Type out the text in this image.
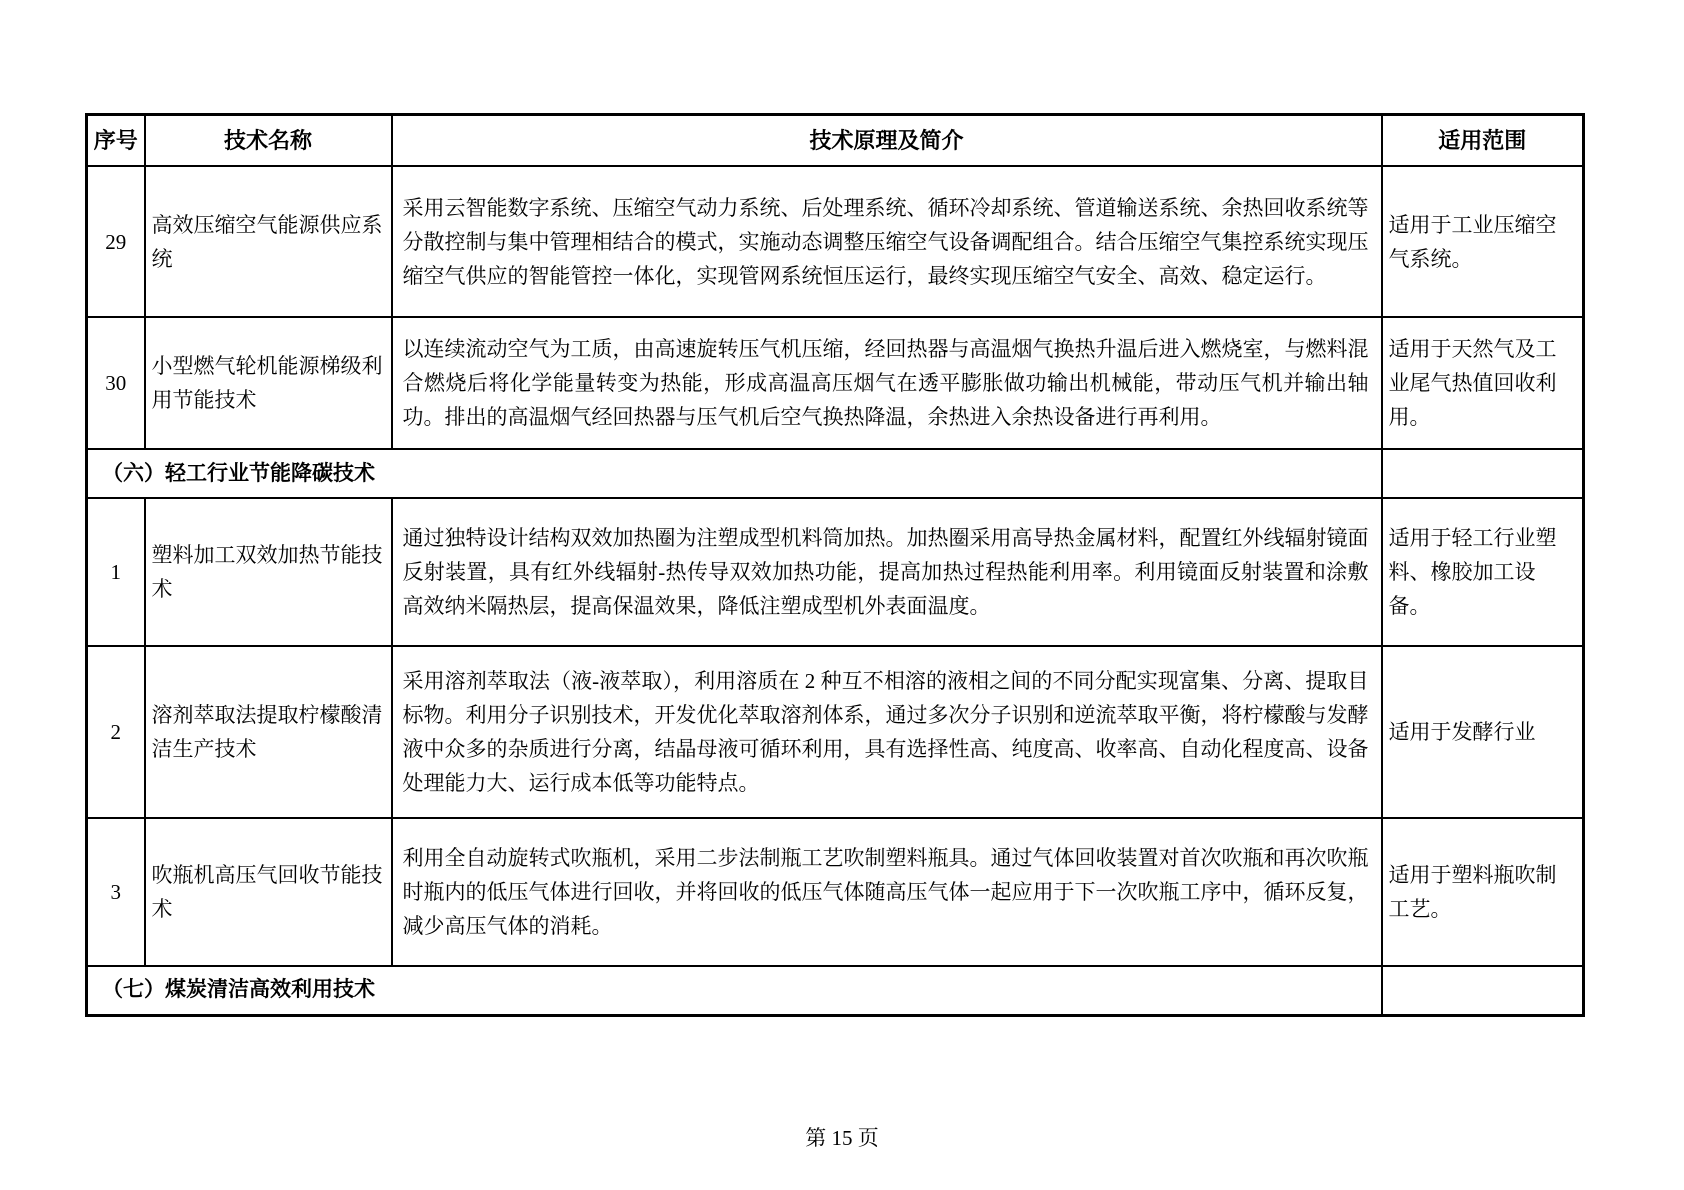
序号	技术名称	技术原理及简介	适用范围
29	高效压缩空气能源供应系统	采用云智能数字系统、压缩空气动力系统、后处理系统、循环冷却系统、管道输送系统、余热回收系统等分散控制与集中管理相结合的模式，实施动态调整压缩空气设备调配组合。结合压缩空气集控系统实现压缩空气供应的智能管控一体化，实现管网系统恒压运行，最终实现压缩空气安全、高效、稳定运行。	适用于工业压缩空气系统。
30	小型燃气轮机能源梯级利用节能技术	以连续流动空气为工质，由高速旋转压气机压缩，经回热器与高温烟气换热升温后进入燃烧室，与燃料混合燃烧后将化学能量转变为热能，形成高温高压烟气在透平膨胀做功输出机械能，带动压气机并输出轴功。排出的高温烟气经回热器与压气机后空气换热降温，余热进入余热设备进行再利用。	适用于天然气及工业尾气热值回收利用。
（六）轻工行业节能降碳技术			
1	塑料加工双效加热节能技术	通过独特设计结构双效加热圈为注塑成型机料筒加热。加热圈采用高导热金属材料，配置红外线辐射镜面反射装置，具有红外线辐射-热传导双效加热功能，提高加热过程热能利用率。利用镜面反射装置和涂敷高效纳米隔热层，提高保温效果，降低注塑成型机外表面温度。	适用于轻工行业塑料、橡胶加工设备。
2	溶剂萃取法提取柠檬酸清洁生产技术	采用溶剂萃取法（液-液萃取），利用溶质在 2 种互不相溶的液相之间的不同分配实现富集、分离、提取目标物。利用分子识别技术，开发优化萃取溶剂体系，通过多次分子识别和逆流萃取平衡，将柠檬酸与发酵液中众多的杂质进行分离，结晶母液可循环利用，具有选择性高、纯度高、收率高、自动化程度高、设备处理能力大、运行成本低等功能特点。	适用于发酵行业
3	吹瓶机高压气回收节能技术	利用全自动旋转式吹瓶机，采用二步法制瓶工艺吹制塑料瓶具。通过气体回收装置对首次吹瓶和再次吹瓶时瓶内的低压气体进行回收，并将回收的低压气体随高压气体一起应用于下一次吹瓶工序中，循环反复，减少高压气体的消耗。	适用于塑料瓶吹制工艺。
（七）煤炭清洁高效利用技术			
第 15 页
